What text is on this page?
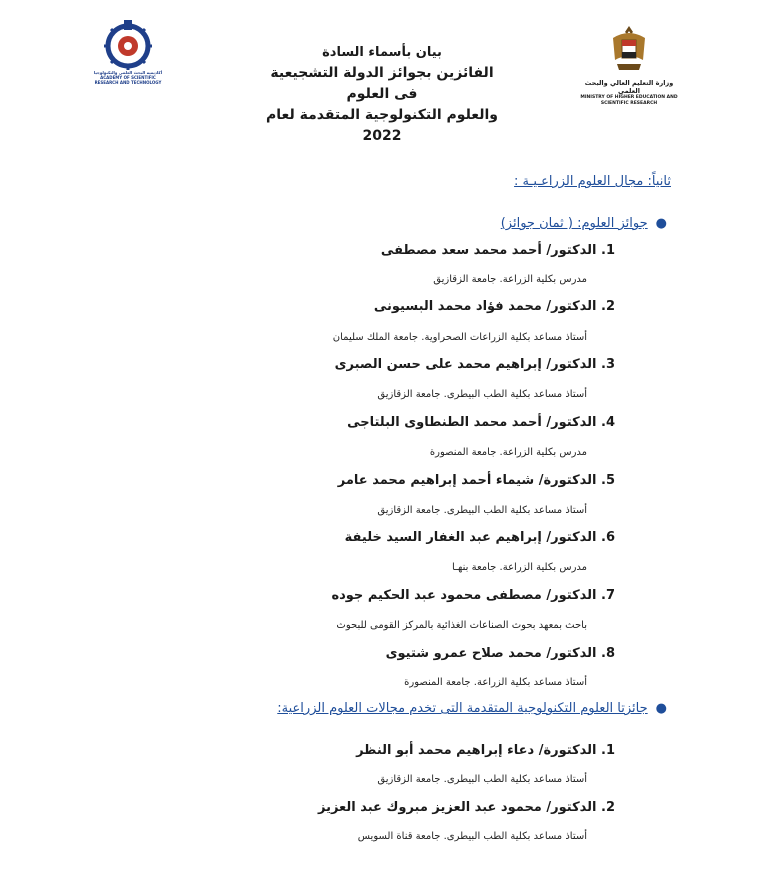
أكاديمية البحث العلمي والتكنولوجيا ACADEMY OF SCIENTIFIC RESEARCH AND TECHNOLOGY
بيان بأسماء السادة
الفائزين بجوائز الدولة التشجيعية فى العلوم
والعلوم التكنولوجية المتقدمة لعام 2022
وزارة التعليم العالي والبحث العلمي
MINISTRY OF HIGHER EDUCATION AND SCIENTIFIC RESEARCH
ثانياً: مجال العلوم الزراعـيـة :
●جوائز العلوم: ( ثمان جوائز)
1. الدكتور/ أحمد محمد سعد مصطفى
مدرس بكلية الزراعة. جامعة الزقازيق
2. الدكتور/ محمد فؤاد محمد البسيونى
أستاذ مساعد بكلية الزراعات الصحراوية. جامعة الملك سليمان
3. الدكتور/ إبراهيم محمد على حسن الصبرى
أستاذ مساعد بكلية الطب البيطرى. جامعة الزقازيق
4. الدكتور/ أحمد محمد الطنطاوى البلتاجى
مدرس بكلية الزراعة. جامعة المنصورة
5. الدكتورة/ شيماء أحمد إبراهيم محمد عامر
أستاذ مساعد بكلية الطب البيطرى. جامعة الزقازيق
6. الدكتور/ إبراهيم عبد الغفار السيد خليفة
مدرس بكلية الزراعة. جامعة بنهـا
7. الدكتور/ مصطفى محمود عبد الحكيم جوده
باحث بمعهد بحوث الصناعات الغذائية بالمركز القومى للبحوث
8. الدكتور/ محمد صلاح عمرو شتيوى
أستاذ مساعد بكلية الزراعة. جامعة المنصورة
●جائزتا العلوم التكنولوجية المتقدمة التى تخدم مجالات العلوم الزراعية:
1. الدكتورة/ دعاء إبراهيم محمد أبو النظر
أستاذ مساعد بكلية الطب البيطرى. جامعة الزقازيق
2. الدكتور/ محمود عبد العزيز مبروك عبد العزيز
أستاذ مساعد بكلية الطب البيطرى. جامعة قناة السويس
